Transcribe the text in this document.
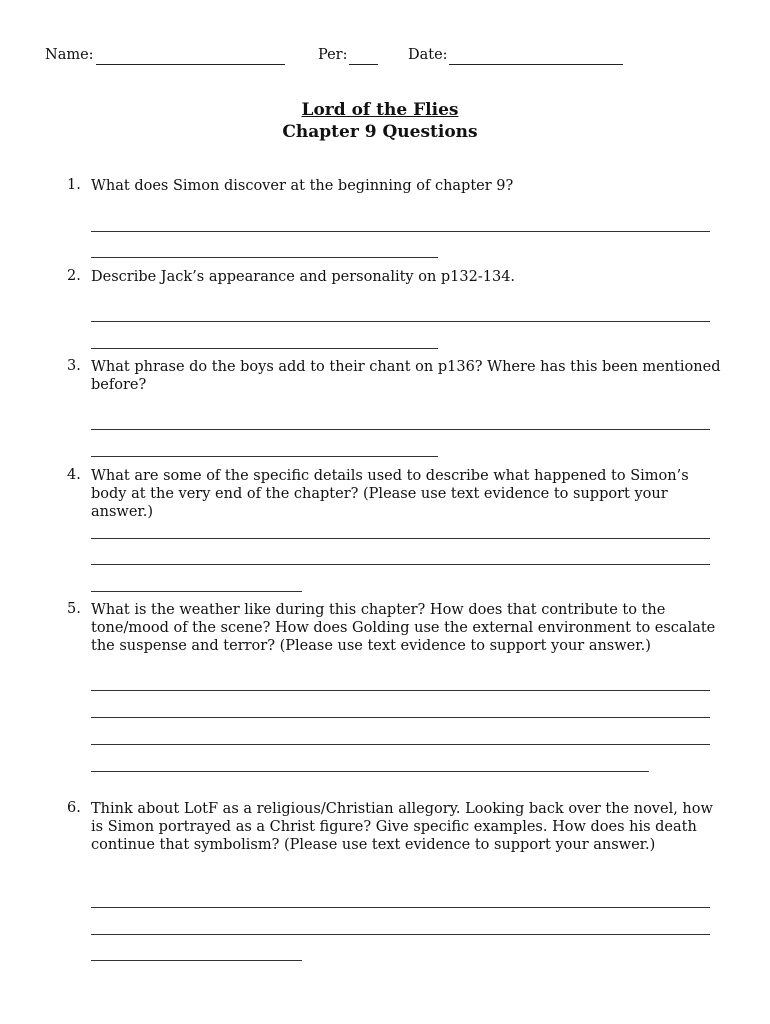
Name:	Per:	Date:
Lord of the Flies
Chapter 9 Questions
1. What does Simon discover at the beginning of chapter 9?
2. Describe Jack’s appearance and personality on p132-134.
3. What phrase do the boys add to their chant on p136? Where has this been mentioned before?
4. What are some of the specific details used to describe what happened to Simon’s body at the very end of the chapter? (Please use text evidence to support your answer.)
5. What is the weather like during this chapter? How does that contribute to the tone/mood of the scene? How does Golding use the external environment to escalate the suspense and terror? (Please use text evidence to support your answer.)
6. Think about LotF as a religious/Christian allegory. Looking back over the novel, how is Simon portrayed as a Christ figure? Give specific examples. How does his death continue that symbolism? (Please use text evidence to support your answer.)
